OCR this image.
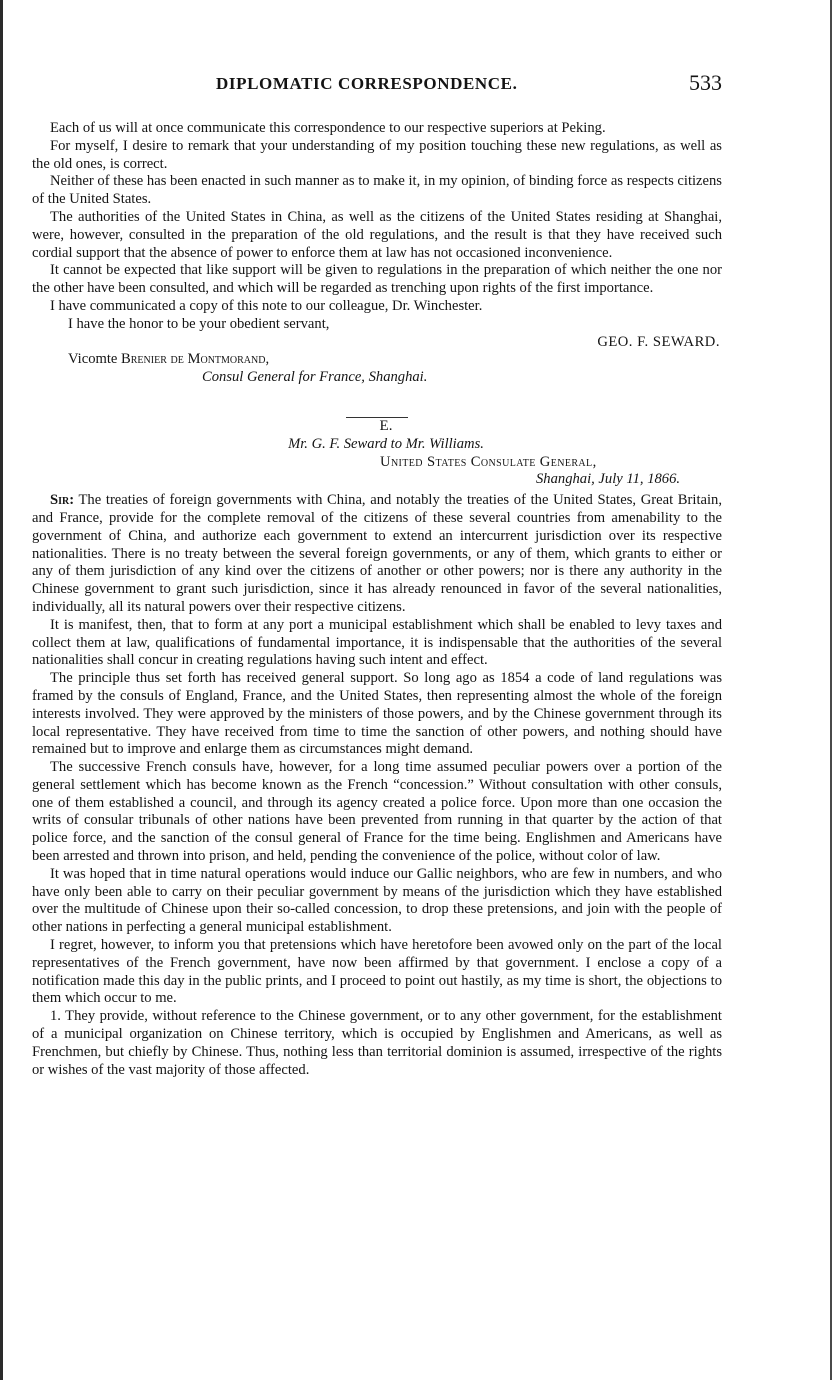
DIPLOMATIC CORRESPONDENCE.	533

Each of us will at once communicate this correspondence to our respective superiors at Peking.

For myself, I desire to remark that your understanding of my position touching these new regulations, as well as the old ones, is correct.

Neither of these has been enacted in such manner as to make it, in my opinion, of binding force as respects citizens of the United States.

The authorities of the United States in China, as well as the citizens of the United States residing at Shanghai, were, however, consulted in the preparation of the old regulations, and the result is that they have received such cordial support that the absence of power to enforce them at law has not occasioned inconvenience.

It cannot be expected that like support will be given to regulations in the preparation of which neither the one nor the other have been consulted, and which will be regarded as trenching upon rights of the first importance.

I have communicated a copy of this note to our colleague, Dr. Winchester.

I have the honor to be your obedient servant,

GEO. F. SEWARD.

Vicomte Brenier de Montmorand,

Consul General for France, Shanghai.

E.

Mr. G. F. Seward to Mr. Williams.

United States Consulate General,

Shanghai, July 11, 1866.

Sir: The treaties of foreign governments with China, and notably the treaties of the United States, Great Britain, and France, provide for the complete removal of the citizens of these several countries from amenability to the government of China, and authorize each government to extend an intercurrent jurisdiction over its respective nationalities. There is no treaty between the several foreign governments, or any of them, which grants to either or any of them jurisdiction of any kind over the citizens of another or other powers; nor is there any authority in the Chinese government to grant such jurisdiction, since it has already renounced in favor of the several nationalities, individually, all its natural powers over their respective citizens.

It is manifest, then, that to form at any port a municipal establishment which shall be enabled to levy taxes and collect them at law, qualifications of fundamental importance, it is indispensable that the authorities of the several nationalities shall concur in creating regulations having such intent and effect.

The principle thus set forth has received general support. So long ago as 1854 a code of land regulations was framed by the consuls of England, France, and the United States, then representing almost the whole of the foreign interests involved. They were approved by the ministers of those powers, and by the Chinese government through its local representative. They have received from time to time the sanction of other powers, and nothing should have remained but to improve and enlarge them as circumstances might demand.

The successive French consuls have, however, for a long time assumed peculiar powers over a portion of the general settlement which has become known as the French “concession.” Without consultation with other consuls, one of them established a council, and through its agency created a police force. Upon more than one occasion the writs of consular tribunals of other nations have been prevented from running in that quarter by the action of that police force, and the sanction of the consul general of France for the time being. Englishmen and Americans have been arrested and thrown into prison, and held, pending the convenience of the police, without color of law.

It was hoped that in time natural operations would induce our Gallic neighbors, who are few in numbers, and who have only been able to carry on their peculiar government by means of the jurisdiction which they have established over the multitude of Chinese upon their so-called concession, to drop these pretensions, and join with the people of other nations in perfecting a general municipal establishment.

I regret, however, to inform you that pretensions which have heretofore been avowed only on the part of the local representatives of the French government, have now been affirmed by that government. I enclose a copy of a notification made this day in the public prints, and I proceed to point out hastily, as my time is short, the objections to them which occur to me.

1. They provide, without reference to the Chinese government, or to any other government, for the establishment of a municipal organization on Chinese territory, which is occupied by Englishmen and Americans, as well as Frenchmen, but chiefly by Chinese. Thus, nothing less than territorial dominion is assumed, irrespective of the rights or wishes of the vast majority of those affected.
